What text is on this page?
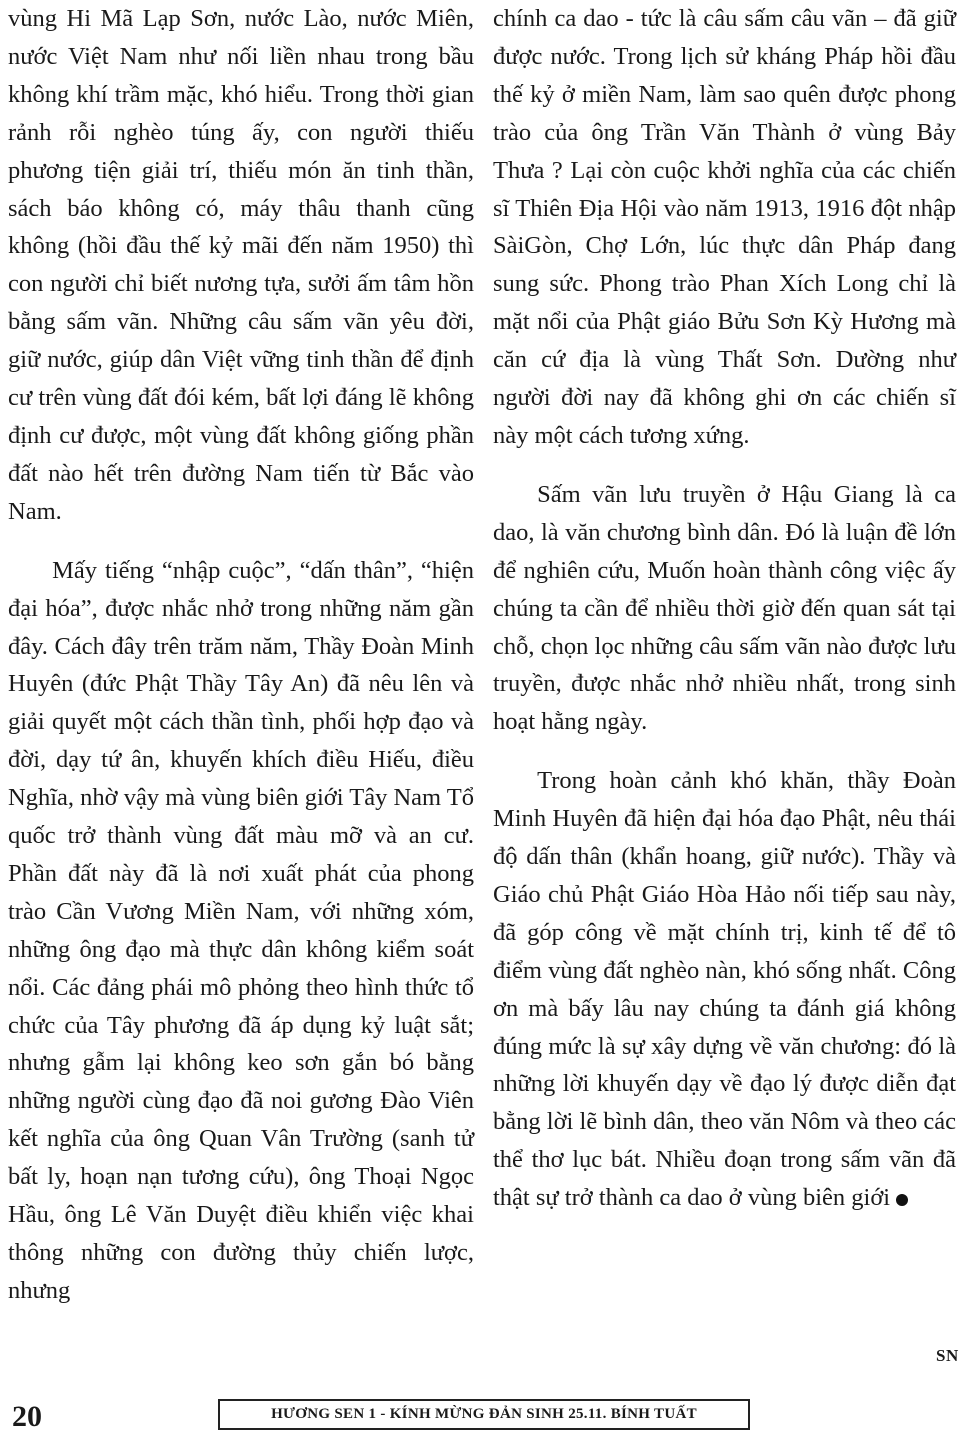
vùng Hi Mã Lạp Sơn, nước Lào, nước Miên, nước Việt Nam như nối liền nhau trong bầu không khí trầm mặc, khó hiểu. Trong thời gian rảnh rỗi nghèo túng ấy, con người thiếu phương tiện giải trí, thiếu món ăn tinh thần, sách báo không có, máy thâu thanh cũng không (hồi đầu thế kỷ mãi đến năm 1950) thì con người chỉ biết nương tựa, sưởi ấm tâm hồn bằng sấm vãn. Những câu sấm vãn yêu đời, giữ nước, giúp dân Việt vững tinh thần để định cư trên vùng đất đói kém, bất lợi đáng lẽ không định cư được, một vùng đất không giống phần đất nào hết trên đường Nam tiến từ Bắc vào Nam.

Mấy tiếng “nhập cuộc”, “dấn thân”, “hiện đại hóa”, được nhắc nhở trong những năm gần đây. Cách đây trên trăm năm, Thầy Đoàn Minh Huyên (đức Phật Thầy Tây An) đã nêu lên và giải quyết một cách thần tình, phối hợp đạo và đời, dạy tứ ân, khuyến khích điều Hiếu, điều Nghĩa, nhờ vậy mà vùng biên giới Tây Nam Tổ quốc trở thành vùng đất màu mỡ và an cư. Phần đất này đã là nơi xuất phát của phong trào Cần Vương Miền Nam, với những xóm, những ông đạo mà thực dân không kiểm soát nổi. Các đảng phái mô phỏng theo hình thức tổ chức của Tây phương đã áp dụng kỷ luật sắt; nhưng gẫm lại không keo sơn gắn bó bằng những người cùng đạo đã noi gương Đào Viên kết nghĩa của ông Quan Vân Trường (sanh tử bất ly, hoạn nạn tương cứu), ông Thoại Ngọc Hầu, ông Lê Văn Duyệt điều khiển việc khai thông những con đường thủy chiến lược, nhưng

chính ca dao - tức là câu sấm câu vãn – đã giữ được nước. Trong lịch sử kháng Pháp hồi đầu thế kỷ ở miền Nam, làm sao quên được phong trào của ông Trần Văn Thành ở vùng Bảy Thưa ? Lại còn cuộc khởi nghĩa của các chiến sĩ Thiên Địa Hội vào năm 1913, 1916 đột nhập SàiGòn, Chợ Lớn, lúc thực dân Pháp đang sung sức. Phong trào Phan Xích Long chỉ là mặt nổi của Phật giáo Bửu Sơn Kỳ Hương mà căn cứ địa là vùng Thất Sơn. Dường như người đời nay đã không ghi ơn các chiến sĩ này một cách tương xứng.

Sấm vãn lưu truyền ở Hậu Giang là ca dao, là văn chương bình dân. Đó là luận đề lớn để nghiên cứu, Muốn hoàn thành công việc ấy chúng ta cần để nhiều thời giờ đến quan sát tại chỗ, chọn lọc những câu sấm vãn nào được lưu truyền, được nhắc nhở nhiều nhất, trong sinh hoạt hằng ngày.

Trong hoàn cảnh khó khăn, thầy Đoàn Minh Huyên đã hiện đại hóa đạo Phật, nêu thái độ dấn thân (khẩn hoang, giữ nước). Thầy và Giáo chủ Phật Giáo Hòa Hảo nối tiếp sau này, đã góp công về mặt chính trị, kinh tế để tô điểm vùng đất nghèo nàn, khó sống nhất. Công ơn mà bấy lâu nay chúng ta đánh giá không đúng mức là sự xây dựng về văn chương: đó là những lời khuyến dạy về đạo lý được diễn đạt bằng lời lẽ bình dân, theo văn Nôm và theo các thể thơ lục bát. Nhiều đoạn trong sấm vãn đã thật sự trở thành ca dao ở vùng biên giới

SN
20	HƯƠNG SEN 1 - KÍNH MỪNG ĐẢN SINH 25.11. BÍNH TUẤT
